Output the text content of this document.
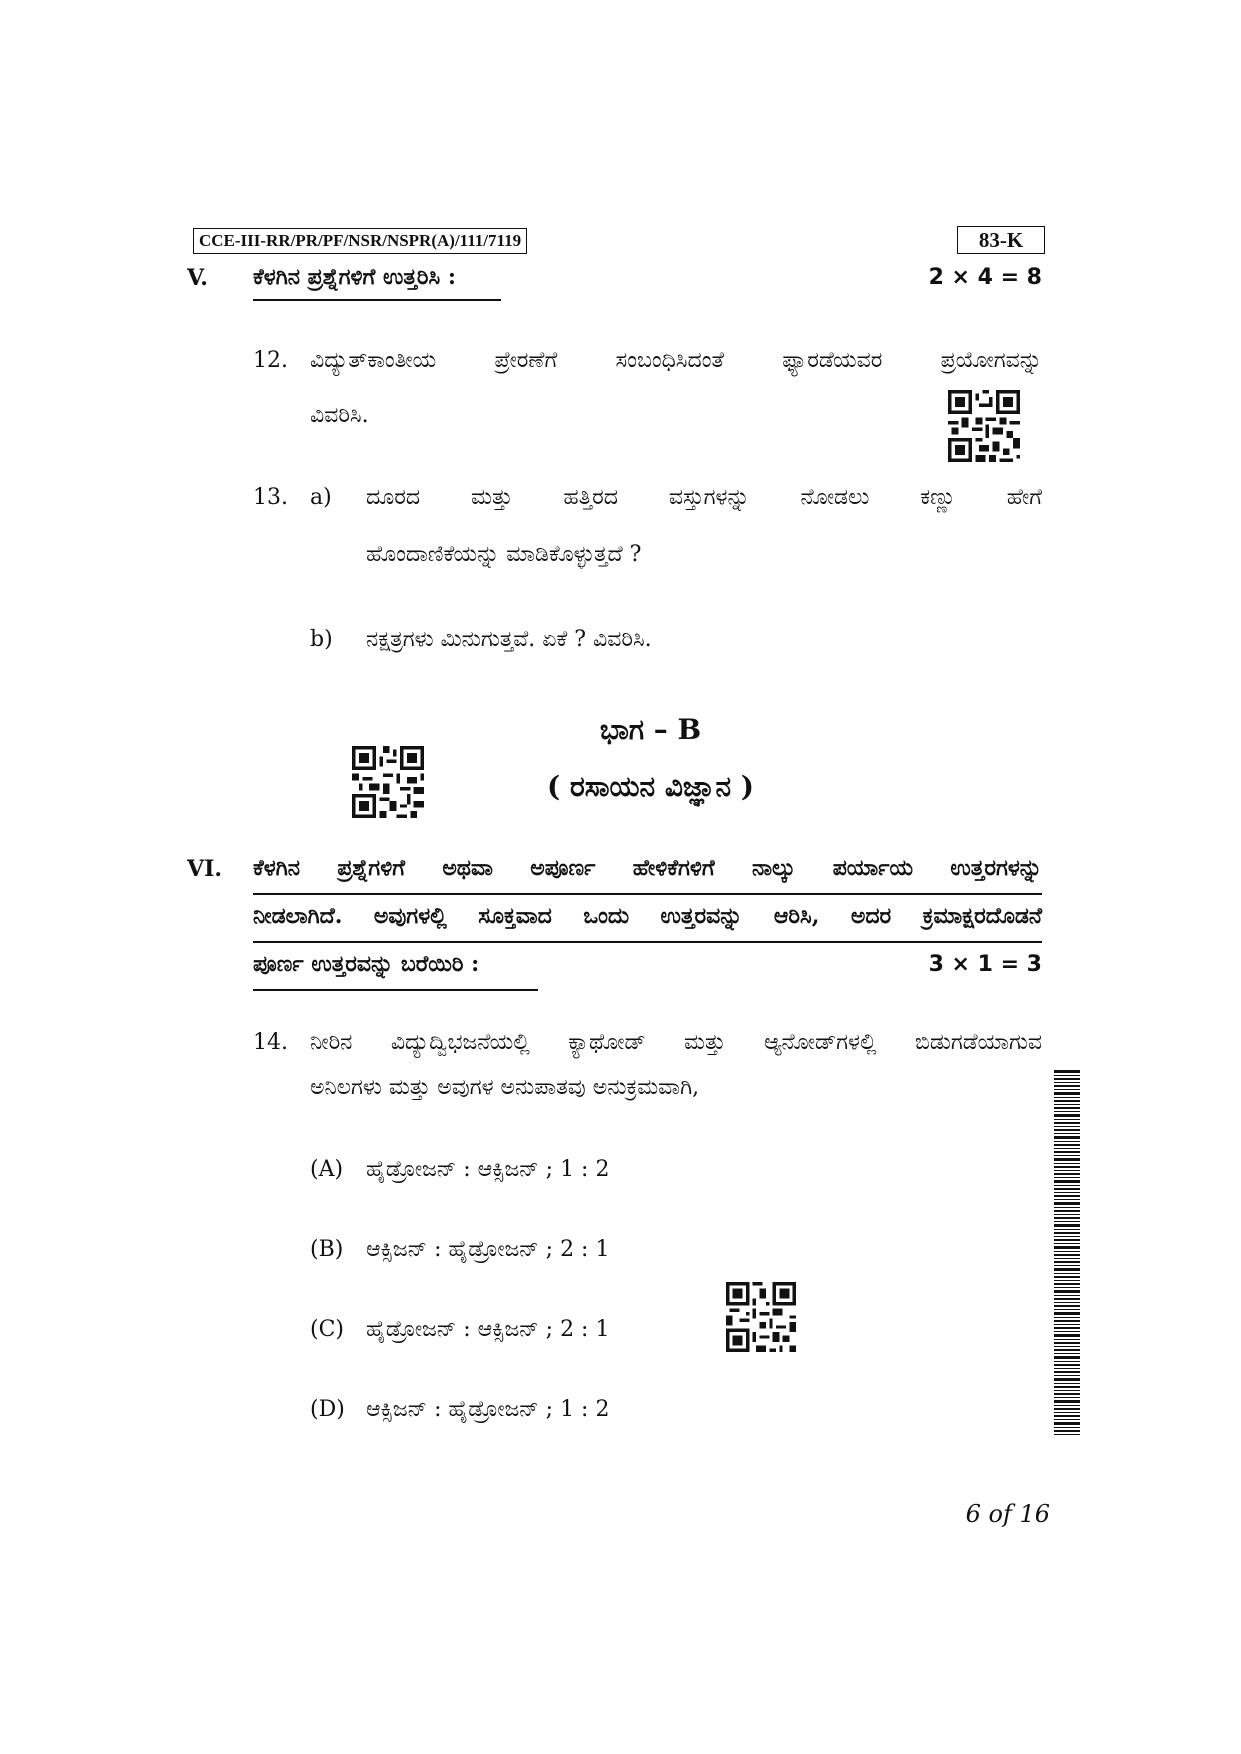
CCE-III-RR/PR/PF/NSR/NSPR(A)/111/7119	83-K
V. ಕೆಳಗಿನ ಪ್ರಶ್ನೆಗಳಿಗೆ ಉತ್ತರಿಸಿ :	2 × 4 = 8
12. ವಿದ್ಯುತ್‌ಕಾಂತೀಯ ಪ್ರೇರಣೆಗೆ ಸಂಬಂಧಿಸಿದಂತೆ ಫ್ಯಾರಡೆಯವರ ಪ್ರಯೋಗವನ್ನು
ವಿವರಿಸಿ.
13. a) ದೂರದ ಮತ್ತು ಹತ್ತಿರದ ವಸ್ತುಗಳನ್ನು ನೋಡಲು ಕಣ್ಣು ಹೇಗೆ
ಹೊಂದಾಣಿಕೆಯನ್ನು ಮಾಡಿಕೊಳ್ಳುತ್ತದೆ ?
b) ನಕ್ಷತ್ರಗಳು ಮಿನುಗುತ್ತವೆ. ಏಕೆ ? ವಿವರಿಸಿ.
ಭಾಗ – B
( ರಸಾಯನ ವಿಜ್ಞಾನ )
VI. ಕೆಳಗಿನ ಪ್ರಶ್ನೆಗಳಿಗೆ ಅಥವಾ ಅಪೂರ್ಣ ಹೇಳಿಕೆಗಳಿಗೆ ನಾಲ್ಕು ಪರ್ಯಾಯ ಉತ್ತರಗಳನ್ನು
ನೀಡಲಾಗಿದೆ. ಅವುಗಳಲ್ಲಿ ಸೂಕ್ತವಾದ ಒಂದು ಉತ್ತರವನ್ನು ಆರಿಸಿ, ಅದರ ಕ್ರಮಾಕ್ಷರದೊಡನೆ
ಪೂರ್ಣ ಉತ್ತರವನ್ನು ಬರೆಯಿರಿ :	3 × 1 = 3
14. ನೀರಿನ ವಿದ್ಯುದ್ವಿಭಜನೆಯಲ್ಲಿ ಕ್ಯಾಥೋಡ್ ಮತ್ತು ಆ್ಯನೋಡ್‌ಗಳಲ್ಲಿ ಬಿಡುಗಡೆಯಾಗುವ
ಅನಿಲಗಳು ಮತ್ತು ಅವುಗಳ ಅನುಪಾತವು ಅನುಕ್ರಮವಾಗಿ,
(A) ಹೈಡ್ರೋಜನ್ : ಆಕ್ಸಿಜನ್ ; 1 : 2
(B) ಆಕ್ಸಿಜನ್ : ಹೈಡ್ರೋಜನ್ ; 2 : 1
(C) ಹೈಡ್ರೋಜನ್ : ಆಕ್ಸಿಜನ್ ; 2 : 1
(D) ಆಕ್ಸಿಜನ್ : ಹೈಡ್ರೋಜನ್ ; 1 : 2
6 of 16
